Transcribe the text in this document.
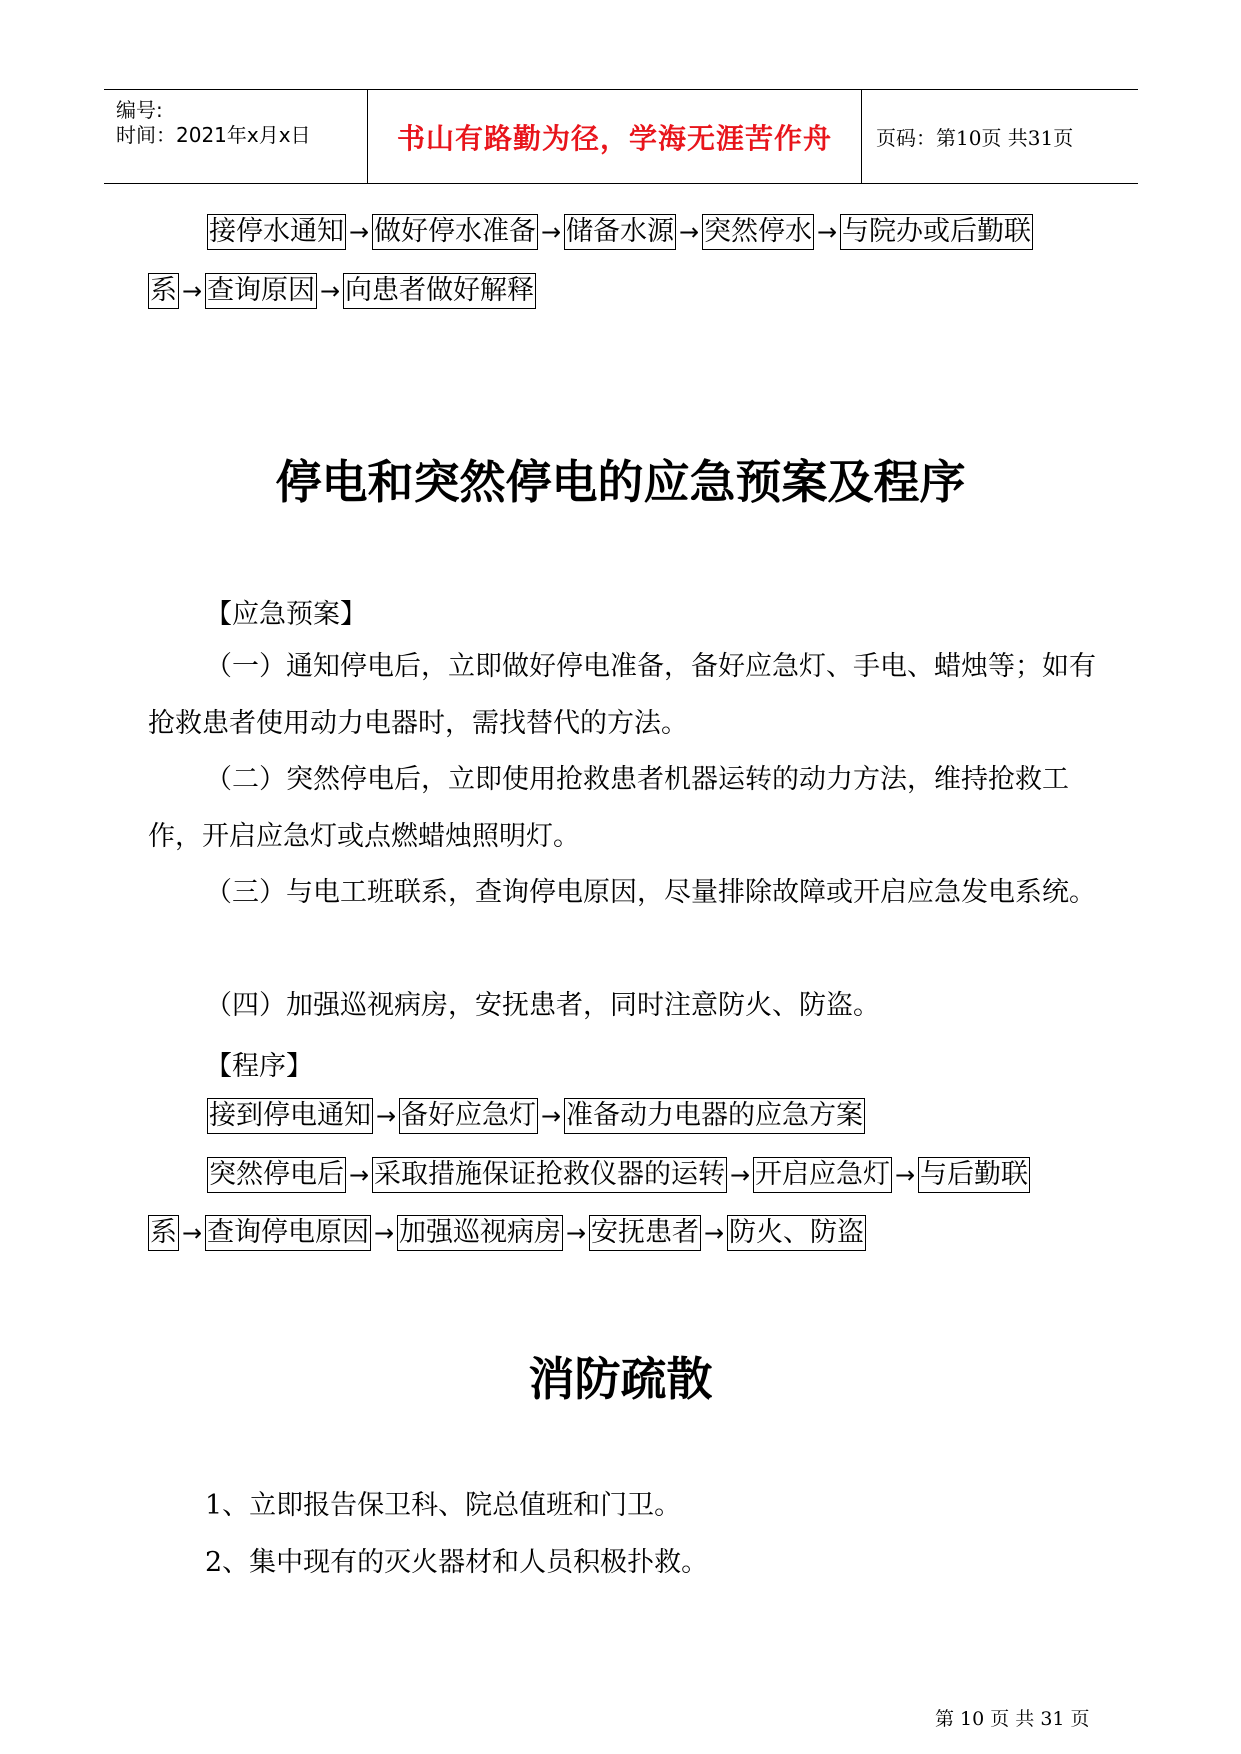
编号:
时间：2021年x月x日	书山有路勤为径，学海无涯苦作舟 页码：第10页 共31页
接停水通知 → 做好停水准备 → 储备水源 → 突然停水 → 与院办或后勤联
系 → 查询原因 → 向患者做好解释
停电和突然停电的应急预案及程序
【应急预案】
（一）通知停电后，立即做好停电准备，备好应急灯、手电、蜡烛等；如有抢救患者使用动力电器时，需找替代的方法。
（二）突然停电后，立即使用抢救患者机器运转的动力方法，维持抢救工作，开启应急灯或点燃蜡烛照明灯。
（三）与电工班联系，查询停电原因，尽量排除故障或开启应急发电系统。
（四）加强巡视病房，安抚患者，同时注意防火、防盗。
【程序】
接到停电通知 → 备好应急灯 → 准备动力电器的应急方案
突然停电后 → 采取措施保证抢救仪器的运转 → 开启应急灯 → 与后勤联
系 → 查询停电原因 → 加强巡视病房 → 安抚患者 → 防火、防盗
消防疏散
1、立即报告保卫科、院总值班和门卫。
2、集中现有的灭火器材和人员积极扑救。
第 10 页 共 31 页
